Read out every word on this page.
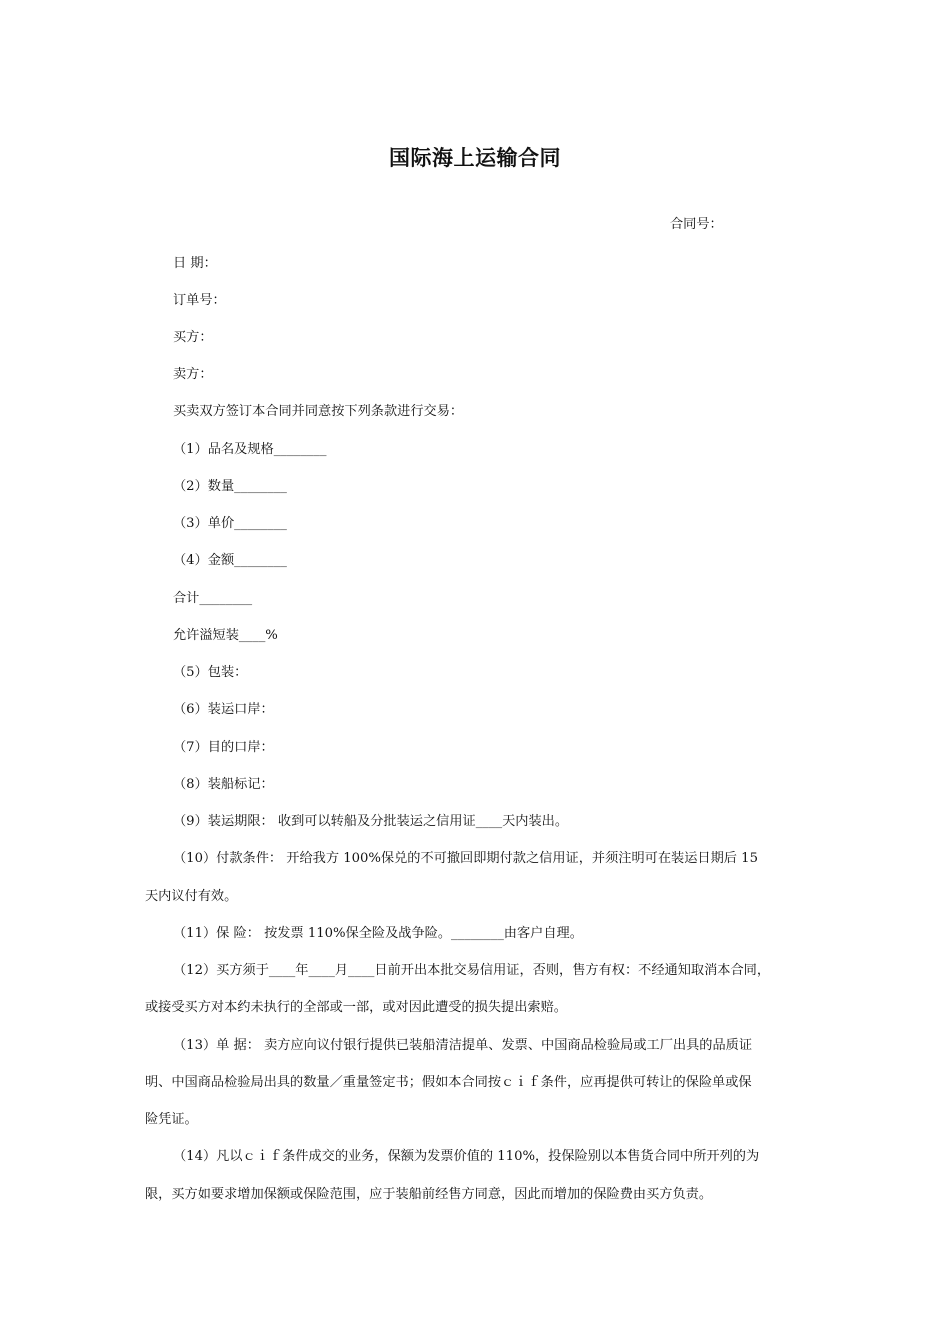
国际海上运输合同
合同号：
日 期：
订单号：
买方：
卖方：
买卖双方签订本合同并同意按下列条款进行交易：
（1）品名及规格________
（2）数量________
（3）单价________
（4）金额________
合计________
允许溢短装____%
（5）包装：
（6）装运口岸：
（7）目的口岸：
（8）装船标记：
（9）装运期限： 收到可以转船及分批装运之信用证____天内装出。
（10）付款条件： 开给我方 100%保兑的不可撤回即期付款之信用证，并须注明可在装运日期后 15
天内议付有效。
（11）保 险： 按发票 110%保全险及战争险。________由客户自理。
（12）买方须于____年____月____日前开出本批交易信用证，否则，售方有权：不经通知取消本合同，
或接受买方对本约未执行的全部或一部，或对因此遭受的损失提出索赔。
（13）单 据： 卖方应向议付银行提供已装船清洁提单、发票、中国商品检验局或工厂出具的品质证
明、中国商品检验局出具的数量／重量签定书；假如本合同按ｃｉｆ条件，应再提供可转让的保险单或保
险凭证。
（14）凡以ｃｉｆ条件成交的业务，保额为发票价值的 110%，投保险别以本售货合同中所开列的为
限，买方如要求增加保额或保险范围，应于装船前经售方同意，因此而增加的保险费由买方负责。
